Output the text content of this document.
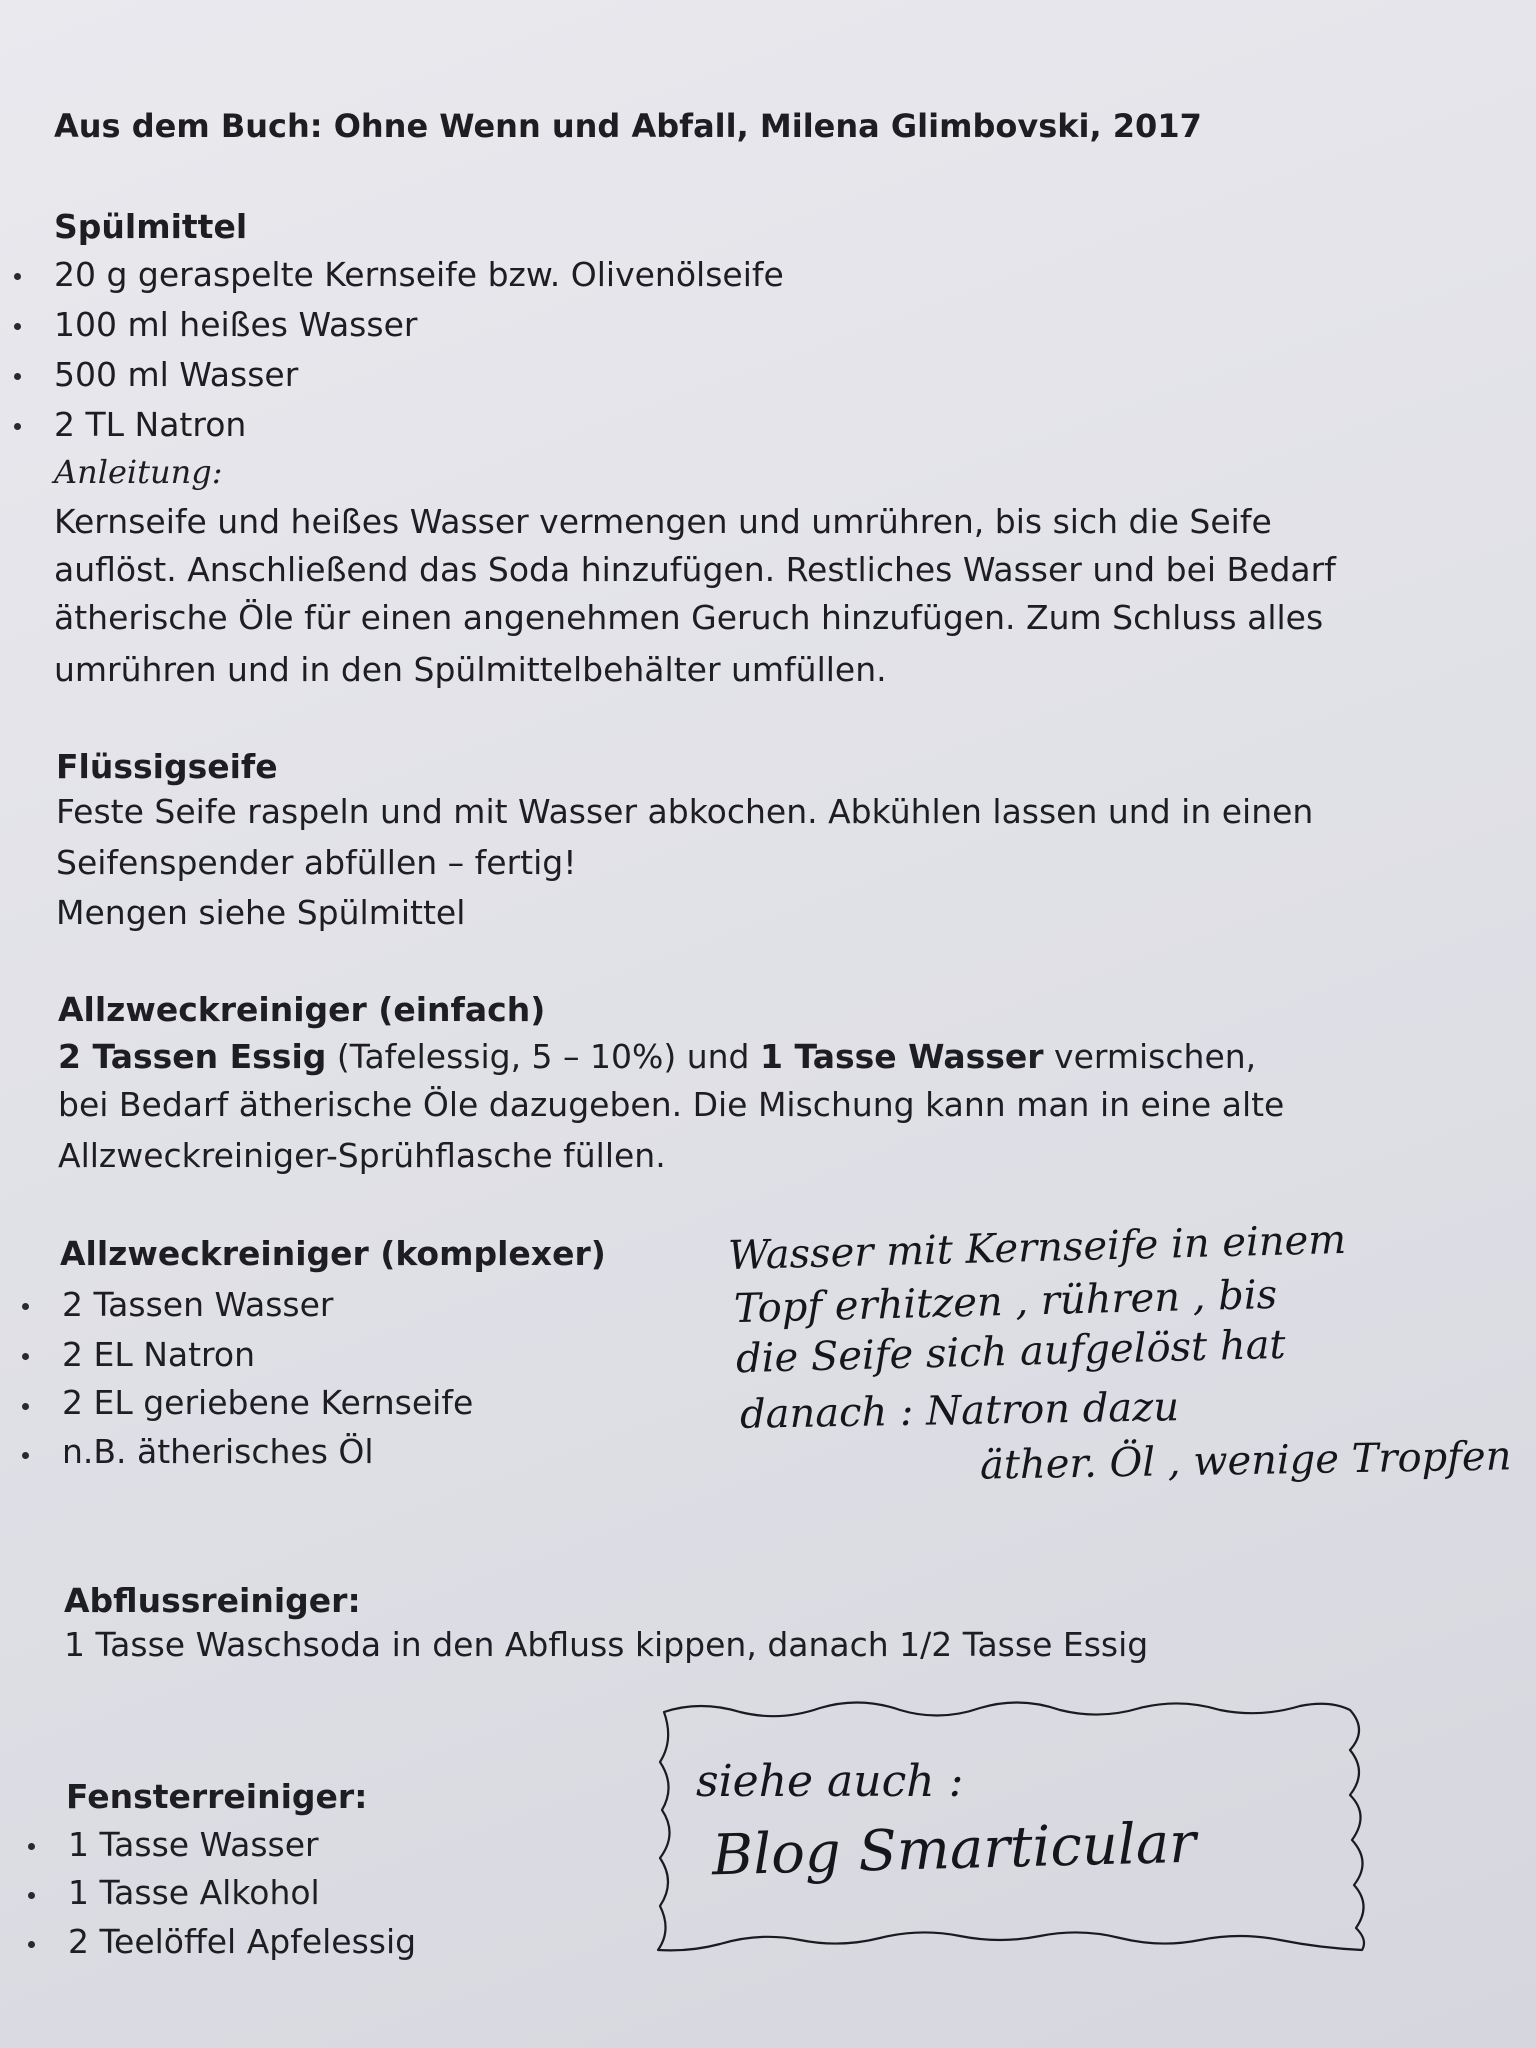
Aus dem Buch: Ohne Wenn und Abfall, Milena Glimbovski, 2017
Spülmittel
20 g geraspelte Kernseife bzw. Olivenölseife
100 ml heißes Wasser
500 ml Wasser
2 TL Natron
Anleitung:
Kernseife und heißes Wasser vermengen und umrühren, bis sich die Seife
auflöst. Anschließend das Soda hinzufügen. Restliches Wasser und bei Bedarf
ätherische Öle für einen angenehmen Geruch hinzufügen. Zum Schluss alles
umrühren und in den Spülmittelbehälter umfüllen.
Flüssigseife
Feste Seife raspeln und mit Wasser abkochen. Abkühlen lassen und in einen
Seifenspender abfüllen – fertig!
Mengen siehe Spülmittel
Allzweckreiniger (einfach)
2 Tassen Essig (Tafelessig, 5 – 10%) und 1 Tasse Wasser vermischen,
bei Bedarf ätherische Öle dazugeben. Die Mischung kann man in eine alte
Allzweckreiniger-Sprühflasche füllen.
Allzweckreiniger (komplexer)
2 Tassen Wasser
2 EL Natron
2 EL geriebene Kernseife
n.B. ätherisches Öl
Wasser mit Kernseife in einem
Topf erhitzen , rühren , bis
die Seife sich aufgelöst hat
danach : Natron dazu
äther. Öl , wenige Tropfen
Abflussreiniger:
1 Tasse Waschsoda in den Abfluss kippen, danach 1/2 Tasse Essig
Fensterreiniger:
1 Tasse Wasser
1 Tasse Alkohol
2 Teelöffel Apfelessig
siehe auch :
Blog Smarticular
